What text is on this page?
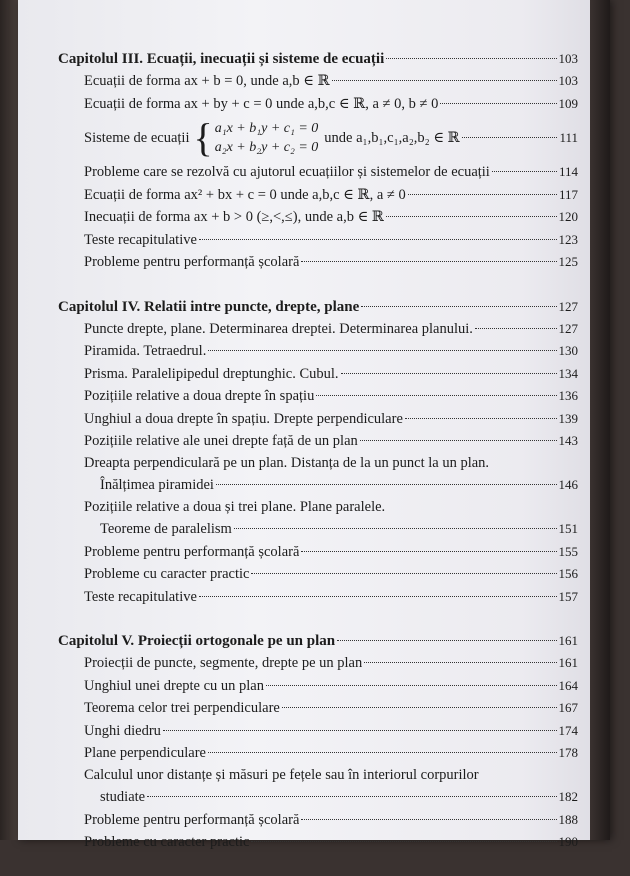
Capitolul III. Ecuații, inecuații și sisteme de ecuații	103
Ecuații de forma ax + b = 0, unde a,b ∈ ℝ	103
Ecuații de forma ax + by + c = 0 unde a,b,c ∈ ℝ, a ≠ 0, b ≠ 0	109
Sisteme de ecuații { a₁x + b₁y + c₁ = 0
a₂x + b₂y + c₂ = 0
unde a₁,b₁,c₁,a₂,b₂ ∈ ℝ	111
Probleme care se rezolvă cu ajutorul ecuațiilor și sistemelor de ecuații	114
Ecuații de forma ax² + bx + c = 0 unde a,b,c ∈ ℝ, a ≠ 0	117
Inecuații de forma ax + b > 0 (≥,<,≤), unde a,b ∈ ℝ	120
Teste recapitulative	123
Probleme pentru performanță școlară	125
Capitolul IV. Relatii intre puncte, drepte, plane	127
Puncte drepte, plane. Determinarea dreptei. Determinarea planului.	127
Piramida. Tetraedrul.	130
Prisma. Paralelipipedul dreptunghic. Cubul.	134
Pozițiile relative a doua drepte în spațiu	136
Unghiul a doua drepte în spațiu. Drepte perpendiculare	139
Pozițiile relative ale unei drepte față de un plan	143
Dreapta perpendiculară pe un plan. Distanța de la un punct la un plan.
Înălțimea piramidei	146
Pozițiile relative a doua și trei plane. Plane paralele.
Teoreme de paralelism	151
Probleme pentru performanță școlară	155
Probleme cu caracter practic	156
Teste recapitulative	157
Capitolul V. Proiecții ortogonale pe un plan	161
Proiecții de puncte, segmente, drepte pe un plan	161
Unghiul unei drepte cu un plan	164
Teorema celor trei perpendiculare	167
Unghi diedru	174
Plane perpendiculare	178
Calculul unor distanțe și măsuri pe fețele sau în interiorul corpurilor
studiate	182
Probleme pentru performanță școlară	188
Probleme cu caracter practic	190
